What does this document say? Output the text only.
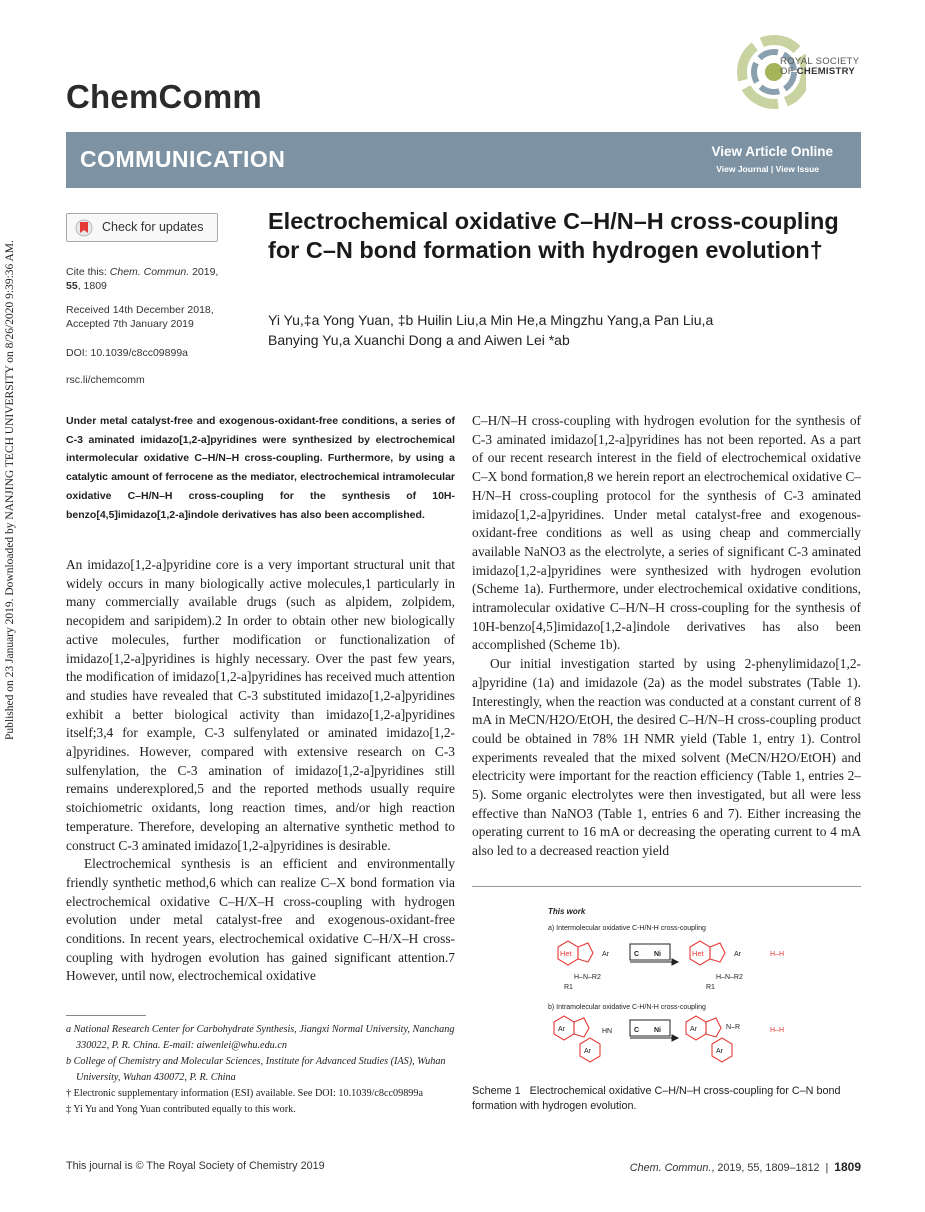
Published on 23 January 2019. Downloaded by NANJING TECH UNIVERSITY on 8/26/2020 9:39:36 AM.
ChemComm
ROYAL SOCIETY
OF CHEMISTRY
COMMUNICATION	View Article Online
View Journal | View Issue
Check for updates
Cite this: Chem. Commun. 2019,
55, 1809
Received 14th December 2018,
Accepted 7th January 2019
DOI: 10.1039/c8cc09899a
rsc.li/chemcomm
Electrochemical oxidative C–H/N–H cross-coupling for C–N bond formation with hydrogen evolution†
Yi Yu,‡a Yong Yuan, ‡b Huilin Liu,a Min He,a Mingzhu Yang,a Pan Liu,a
Banying Yu,a Xuanchi Dong a and Aiwen Lei *ab
Under metal catalyst-free and exogenous-oxidant-free conditions, a series of C-3 aminated imidazo[1,2-a]pyridines were synthesized by electrochemical intermolecular oxidative C–H/N–H cross-coupling. Furthermore, by using a catalytic amount of ferrocene as the mediator, electrochemical intramolecular oxidative C–H/N–H cross-coupling for the synthesis of 10H-benzo[4,5]imidazo[1,2-a]indole derivatives has also been accomplished.

An imidazo[1,2-a]pyridine core is a very important structural unit that widely occurs in many biologically active molecules,1 particularly in many commercially available drugs (such as alpidem, zolpidem, necopidem and saripidem).2 In order to obtain other new biologically active molecules, further modification or functionalization of imidazo[1,2-a]pyridines is highly necessary. Over the past few years, the modification of imidazo[1,2-a]pyridines has received much attention and studies have revealed that C-3 substituted imidazo[1,2-a]pyridines exhibit a better biological activity than imidazo[1,2-a]pyridines itself;3,4 for example, C-3 sulfenylated or aminated imidazo[1,2-a]pyridines. However, compared with extensive research on C-3 sulfenylation, the C-3 amination of imidazo[1,2-a]pyridines still remains underexplored,5 and the reported methods usually require stoichiometric oxidants, long reaction times, and/or high reaction temperature. Therefore, developing an alternative synthetic method to construct C-3 aminated imidazo[1,2-a]pyridines is desirable.

Electrochemical synthesis is an efficient and environmentally friendly synthetic method,6 which can realize C–X bond formation via electrochemical oxidative C–H/X–H cross-coupling with hydrogen evolution under metal catalyst-free and exogenous-oxidant-free conditions. In recent years, electrochemical oxidative C–H/X–H cross-coupling with hydrogen evolution has gained significant attention.7 However, until now, electrochemical oxidative

C–H/N–H cross-coupling with hydrogen evolution for the synthesis of C-3 aminated imidazo[1,2-a]pyridines has not been reported. As a part of our recent research interest in the field of electrochemical oxidative C–X bond formation,8 we herein report an electrochemical oxidative C–H/N–H cross-coupling protocol for the synthesis of C-3 aminated imidazo[1,2-a]pyridines. Under metal catalyst-free and exogenous-oxidant-free conditions as well as using cheap and commercially available NaNO3 as the electrolyte, a series of significant C-3 aminated imidazo[1,2-a]pyridines were synthesized with hydrogen evolution (Scheme 1a). Furthermore, under electrochemical oxidative conditions, intramolecular oxidative C–H/N–H cross-coupling for the synthesis of 10H-benzo[4,5]imidazo[1,2-a]indole derivatives has also been accomplished (Scheme 1b).

Our initial investigation started by using 2-phenylimidazo[1,2-a]pyridine (1a) and imidazole (2a) as the model substrates (Table 1). Interestingly, when the reaction was conducted at a constant current of 8 mA in MeCN/H2O/EtOH, the desired C–H/N–H cross-coupling product could be obtained in 78% 1H NMR yield (Table 1, entry 1). Control experiments revealed that the mixed solvent (MeCN/H2O/EtOH) and electricity were important for the reaction efficiency (Table 1, entries 2–5). Some organic electrolytes were then investigated, but all were less effective than NaNO3 (Table 1, entries 6 and 7). Either increasing the operating current to 16 mA or decreasing the operating current to 4 mA also led to a decreased reaction yield

a National Research Center for Carbohydrate Synthesis, Jiangxi Normal University, Nanchang 330022, P. R. China. E-mail: aiwenlei@whu.edu.cn
b College of Chemistry and Molecular Sciences, Institute for Advanced Studies (IAS), Wuhan University, Wuhan 430072, P. R. China
† Electronic supplementary information (ESI) available. See DOI: 10.1039/c8cc09899a
‡ Yi Yu and Yong Yuan contributed equally to this work.
This work
a) Intermolecular oxidative C-H/N-H cross-coupling
Het	Ar
H–N–R2
R1
C Ni	Het	Ar
H–N–R2
R1
H–H
b) Intramolecular oxidative C-H/N-H cross-coupling
Ar	HN
Ar
C Ni	Ar	N–R
Ar
H–H
Scheme 1 Electrochemical oxidative C–H/N–H cross-coupling for C–N bond formation with hydrogen evolution.
This journal is © The Royal Society of Chemistry 2019	Chem. Commun., 2019, 55, 1809–1812 | 1809
